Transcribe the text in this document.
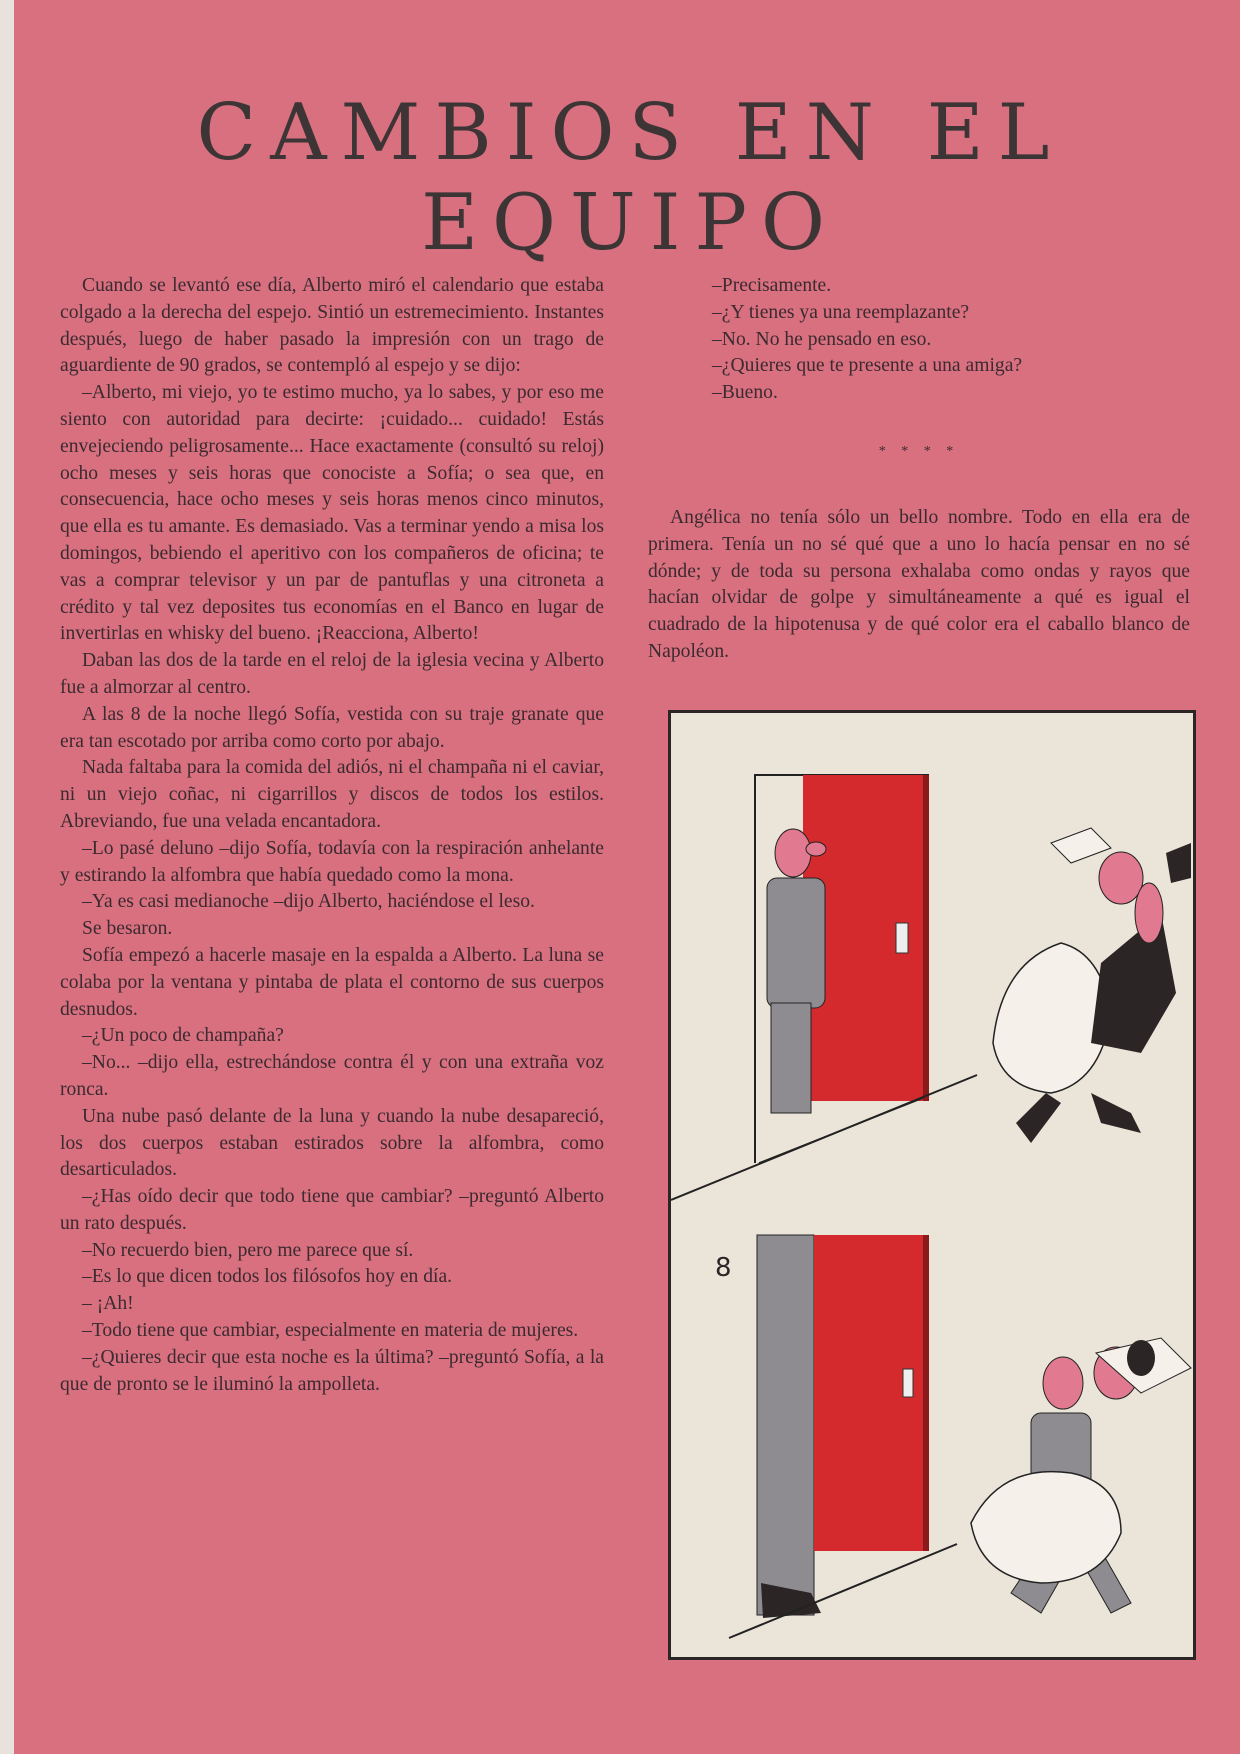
CAMBIOS EN EL EQUIPO

Cuando se levantó ese día, Alberto miró el calendario que estaba colgado a la derecha del espejo. Sintió un estremecimiento. Instantes después, luego de haber pasado la impresión con un trago de aguardiente de 90 grados, se contempló al espejo y se dijo:

–Alberto, mi viejo, yo te estimo mucho, ya lo sabes, y por eso me siento con autoridad para decirte: ¡cuidado... cuidado! Estás envejeciendo peligrosamente... Hace exactamente (consultó su reloj) ocho meses y seis horas que conociste a Sofía; o sea que, en consecuencia, hace ocho meses y seis horas menos cinco minutos, que ella es tu amante. Es demasiado. Vas a terminar yendo a misa los domingos, bebiendo el aperitivo con los compañeros de oficina; te vas a comprar televisor y un par de pantuflas y una citroneta a crédito y tal vez deposites tus economías en el Banco en lugar de invertirlas en whisky del bueno. ¡Reacciona, Alberto!

Daban las dos de la tarde en el reloj de la iglesia vecina y Alberto fue a almorzar al centro.

A las 8 de la noche llegó Sofía, vestida con su traje granate que era tan escotado por arriba como corto por abajo.

Nada faltaba para la comida del adiós, ni el champaña ni el caviar, ni un viejo coñac, ni cigarrillos y discos de todos los estilos. Abreviando, fue una velada encantadora.

–Lo pasé deluno –dijo Sofía, todavía con la respiración anhelante y estirando la alfombra que había quedado como la mona.

–Ya es casi medianoche –dijo Alberto, haciéndose el leso.

Se besaron.

Sofía empezó a hacerle masaje en la espalda a Alberto. La luna se colaba por la ventana y pintaba de plata el contorno de sus cuerpos desnudos.

–¿Un poco de champaña?

–No... –dijo ella, estrechándose contra él y con una extraña voz ronca.

Una nube pasó delante de la luna y cuando la nube desapareció, los dos cuerpos estaban estirados sobre la alfombra, como desarticulados.

–¿Has oído decir que todo tiene que cambiar? –preguntó Alberto un rato después.

–No recuerdo bien, pero me parece que sí.

–Es lo que dicen todos los filósofos hoy en día.

– ¡Ah!

–Todo tiene que cambiar, especialmente en materia de mujeres.

–¿Quieres decir que esta noche es la última? –preguntó Sofía, a la que de pronto se le iluminó la ampolleta.

–Precisamente.

–¿Y tienes ya una reemplazante?

–No. No he pensado en eso.

–¿Quieres que te presente a una amiga?

–Bueno.

* * * *

Angélica no tenía sólo un bello nombre. Todo en ella era de primera. Tenía un no sé qué que a uno lo hacía pensar en no sé dónde; y de toda su persona exhalaba como ondas y rayos que hacían olvidar de golpe y simultáneamente a qué es igual el cuadrado de la hipotenusa y de qué color era el caballo blanco de Napoléon.

8
